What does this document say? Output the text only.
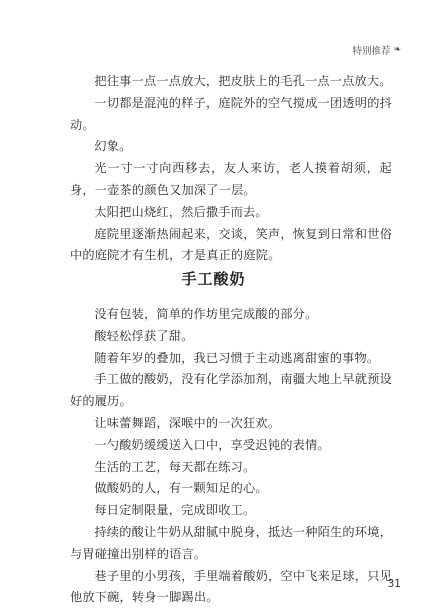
特别推荐 ❧

把往事一点一点放大，把皮肤上的毛孔一点一点放大。

一切都是混沌的样子，庭院外的空气搅成一团透明的抖动。

幻象。

光一寸一寸向西移去，友人来访，老人摸着胡须，起身，一壶茶的颜色又加深了一层。

太阳把山烧红，然后撒手而去。

庭院里逐渐热闹起来，交谈，笑声，恢复到日常和世俗中的庭院才有生机，才是真正的庭院。

手工酸奶

没有包装，简单的作坊里完成酸的部分。

酸轻松俘获了甜。

随着年岁的叠加，我已习惯于主动逃离甜蜜的事物。

手工做的酸奶，没有化学添加剂，南疆大地上早就预设好的履历。

让味蕾舞蹈，深喉中的一次狂欢。

一勺酸奶缓缓送入口中，享受迟钝的表情。

生活的工艺，每天都在练习。

做酸奶的人，有一颗知足的心。

每日定制限量，完成即收工。

持续的酸让牛奶从甜腻中脱身，抵达一种陌生的环境，与胃碰撞出别样的语言。

巷子里的小男孩，手里端着酸奶，空中飞来足球，只见他放下碗，转身一脚踢出。

31
